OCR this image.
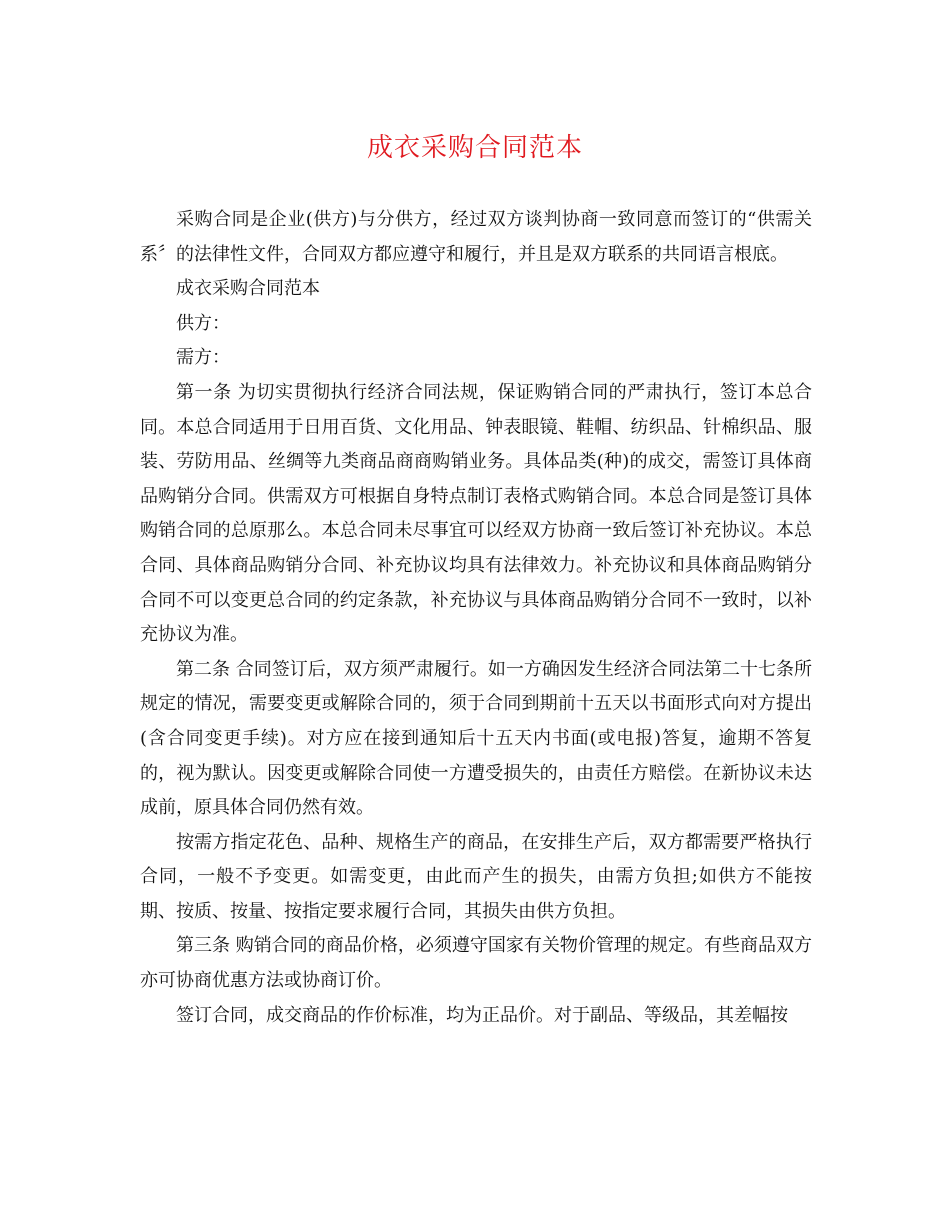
成衣采购合同范本

采购合同是企业(供方)与分供方，经过双方谈判协商一致同意而签订的“供需关系〞的法律性文件，合同双方都应遵守和履行，并且是双方联系的共同语言根底。

成衣采购合同范本

供方：

需方：

第一条 为切实贯彻执行经济合同法规，保证购销合同的严肃执行，签订本总合同。本总合同适用于日用百货、文化用品、钟表眼镜、鞋帽、纺织品、针棉织品、服装、劳防用品、丝绸等九类商品商商购销业务。具体品类(种)的成交，需签订具体商品购销分合同。供需双方可根据自身特点制订表格式购销合同。本总合同是签订具体购销合同的总原那么。本总合同未尽事宜可以经双方协商一致后签订补充协议。本总合同、具体商品购销分合同、补充协议均具有法律效力。补充协议和具体商品购销分合同不可以变更总合同的约定条款，补充协议与具体商品购销分合同不一致时，以补充协议为准。

第二条 合同签订后，双方须严肃履行。如一方确因发生经济合同法第二十七条所规定的情况，需要变更或解除合同的，须于合同到期前十五天以书面形式向对方提出(含合同变更手续)。对方应在接到通知后十五天内书面(或电报)答复，逾期不答复的，视为默认。因变更或解除合同使一方遭受损失的，由责任方赔偿。在新协议未达成前，原具体合同仍然有效。

按需方指定花色、品种、规格生产的商品，在安排生产后，双方都需要严格执行合同，一般不予变更。如需变更，由此而产生的损失，由需方负担;如供方不能按期、按质、按量、按指定要求履行合同，其损失由供方负担。

第三条 购销合同的商品价格，必须遵守国家有关物价管理的规定。有些商品双方亦可协商优惠方法或协商订价。

签订合同，成交商品的作价标准，均为正品价。对于副品、等级品，其差幅按
